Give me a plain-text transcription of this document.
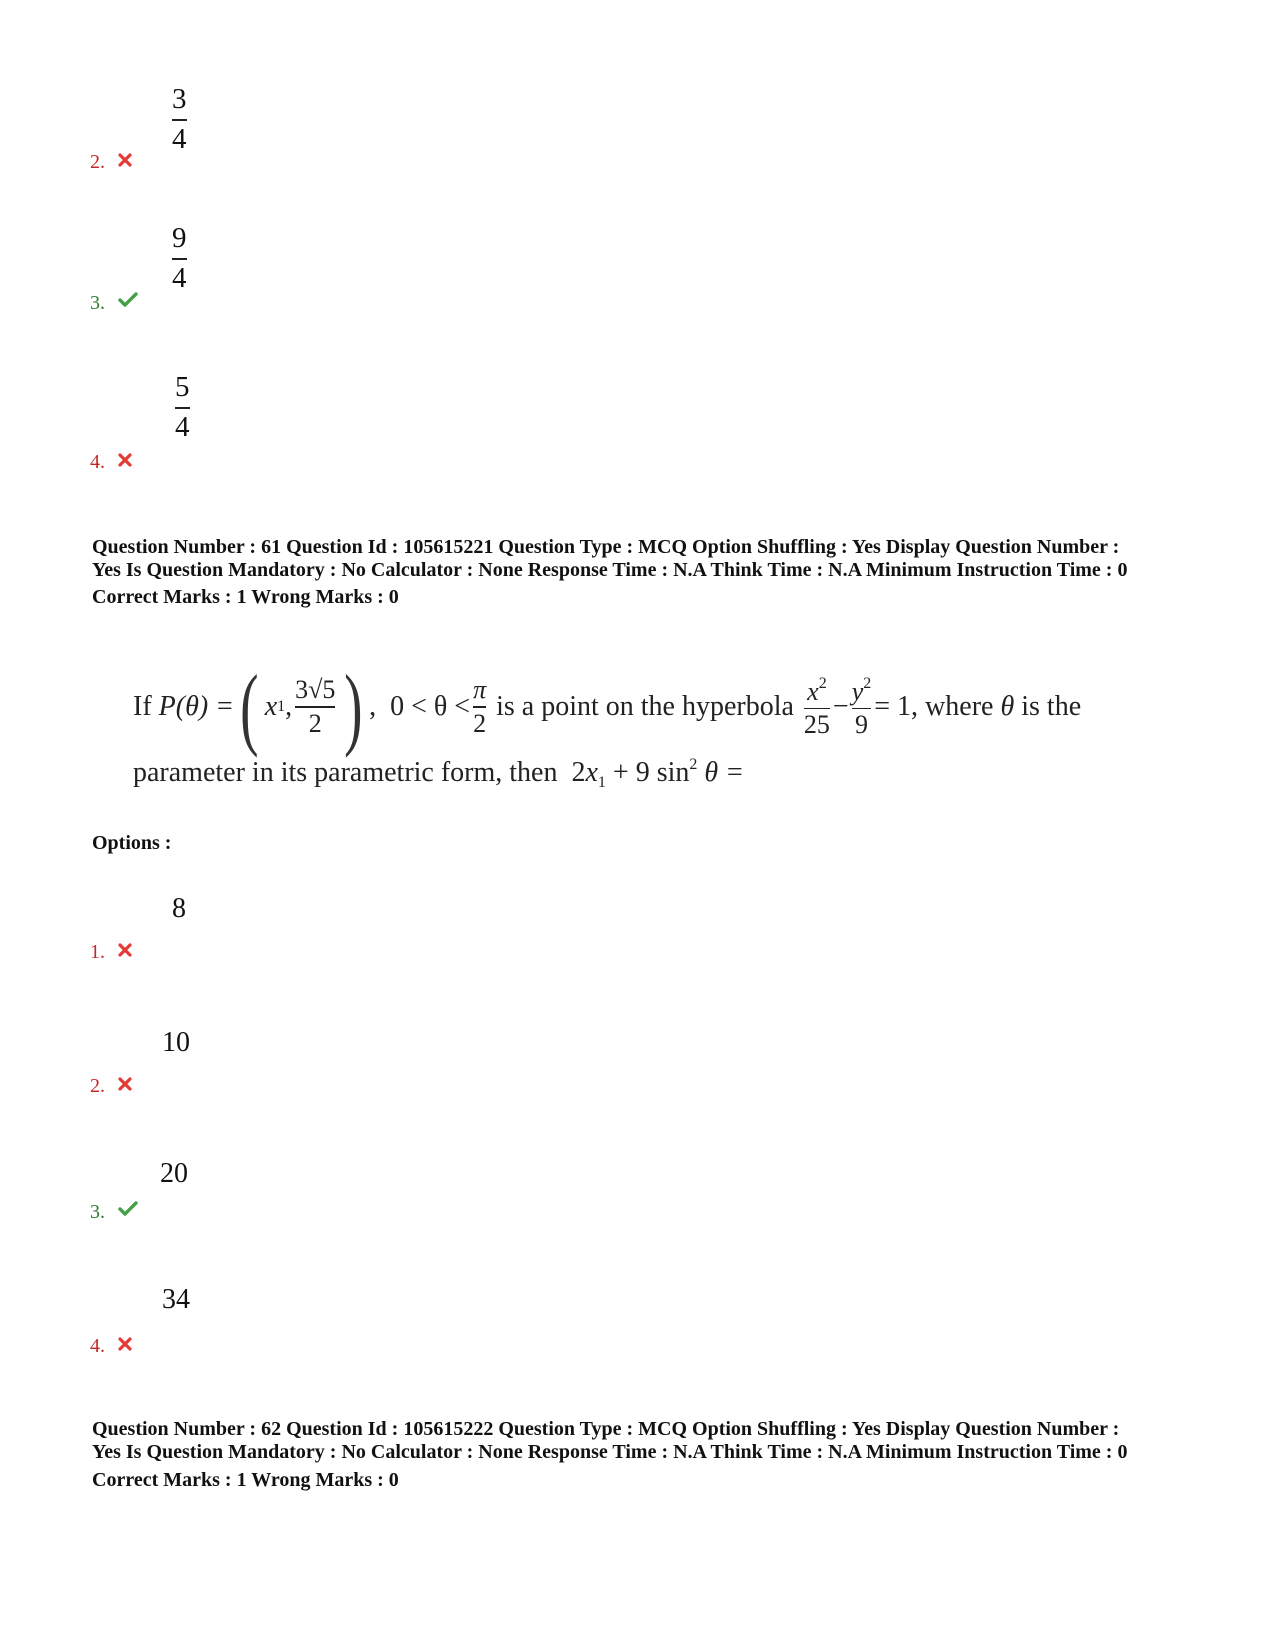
3
4
2.
9
4
3.
5
4
4.
Question Number : 61 Question Id : 105615221 Question Type : MCQ Option Shuffling : Yes Display Question Number :
Yes Is Question Mandatory : No Calculator : None Response Time : N.A Think Time : N.A Minimum Instruction Time : 0
Correct Marks : 1 Wrong Marks : 0
If
P(θ) = ( x 1 ,
3√5
2 ) ,  0 < θ <
π
2

is a point on the hyperbola
$x^2$
25
− $y^2$
9
= 1,
where
θ
is the
parameter in its parametric form, then $2x_1 + 9$ $\sin^2 \theta$ =
Options :
8
1.
10
2.
20
3.
34
4.
Question Number : 62 Question Id : 105615222 Question Type : MCQ Option Shuffling : Yes Display Question Number :
Yes Is Question Mandatory : No Calculator : None Response Time : N.A Think Time : N.A Minimum Instruction Time : 0
Correct Marks : 1 Wrong Marks : 0
